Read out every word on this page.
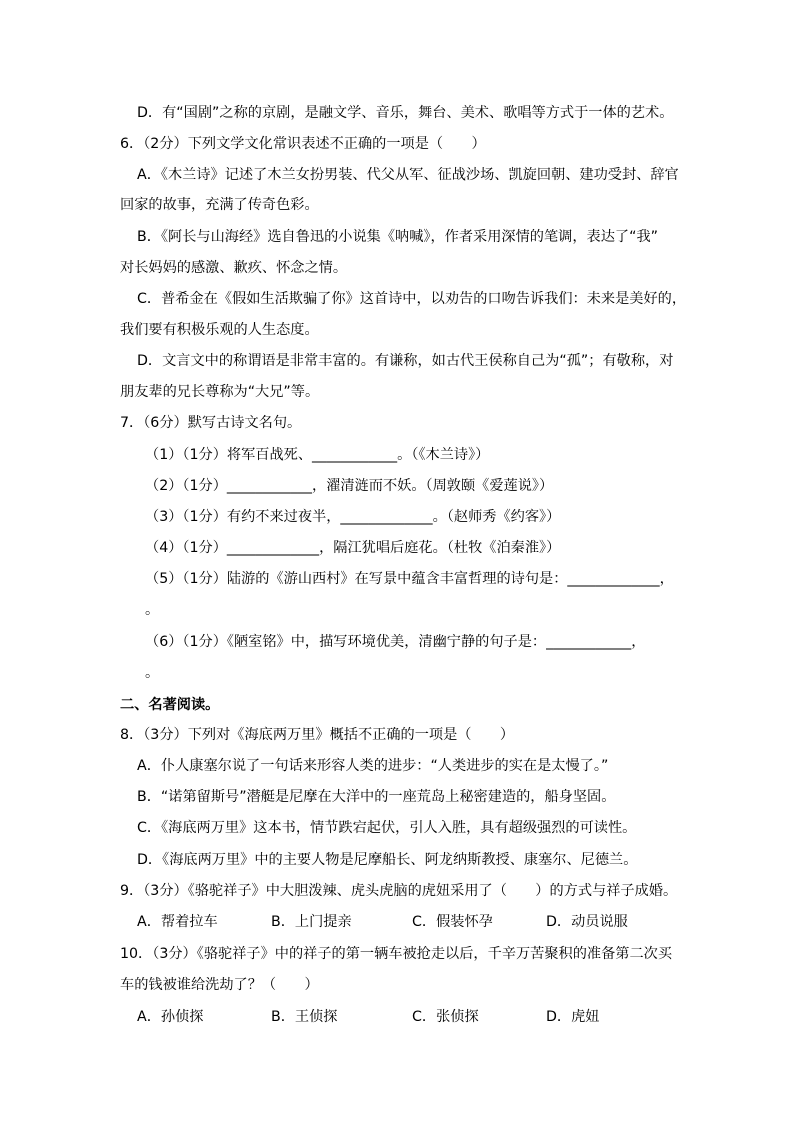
D．有“国剧”之称的京剧，是融文学、音乐，舞台、美术、歌唱等方式于一体的艺术。
6．（2分）下列文学文化常识表述不正确的一项是（　　）
A．《木兰诗》记述了木兰女扮男装、代父从军、征战沙场、凯旋回朝、建功受封、辞官
回家的故事，充满了传奇色彩。
B．《阿长与山海经》选自鲁迅的小说集《呐喊》，作者采用深情的笔调，表达了“我”
对长妈妈的感激、歉疚、怀念之情。
C．普希金在《假如生活欺骗了你》这首诗中，以劝告的口吻告诉我们：未来是美好的，
我们要有积极乐观的人生态度。
D．文言文中的称谓语是非常丰富的。有谦称，如古代王侯称自己为“孤”；有敬称，对
朋友辈的兄长尊称为“大兄”等。
7．（6分）默写古诗文名句。
（1）（1分）将军百战死、____________。（《木兰诗》）
（2）（1分）____________，濯清涟而不妖。（周敦颐《爱莲说》）
（3）（1分）有约不来过夜半，_____________。（赵师秀《约客》）
（4）（1分）_____________，隔江犹唱后庭花。（杜牧《泊秦淮》）
（5）（1分）陆游的《游山西村》在写景中蕴含丰富哲理的诗句是：_____________，
。
（6）（1分）《陋室铭》中，描写环境优美，清幽宁静的句子是：____________，
。
二、名著阅读。
8．（3分）下列对《海底两万里》概括不正确的一项是（　　）
A．仆人康塞尔说了一句话来形容人类的进步：“人类进步的实在是太慢了。”
B．“诺第留斯号”潜艇是尼摩在大洋中的一座荒岛上秘密建造的，船身坚固。
C．《海底两万里》这本书，情节跌宕起伏，引人入胜，具有超级强烈的可读性。
D．《海底两万里》中的主要人物是尼摩船长、阿龙纳斯教授、康塞尔、尼德兰。
9．（3分）《骆驼祥子》中大胆泼辣、虎头虎脑的虎妞采用了（　　）的方式与祥子成婚。
A．帮着拉车	B．上门提亲	C．假装怀孕	D．动员说服
10．（3分）《骆驼祥子》中的祥子的第一辆车被抢走以后，千辛万苦聚积的准备第二次买
车的钱被谁给洗劫了？（　　）
A．孙侦探	B．王侦探	C．张侦探	D．虎妞
